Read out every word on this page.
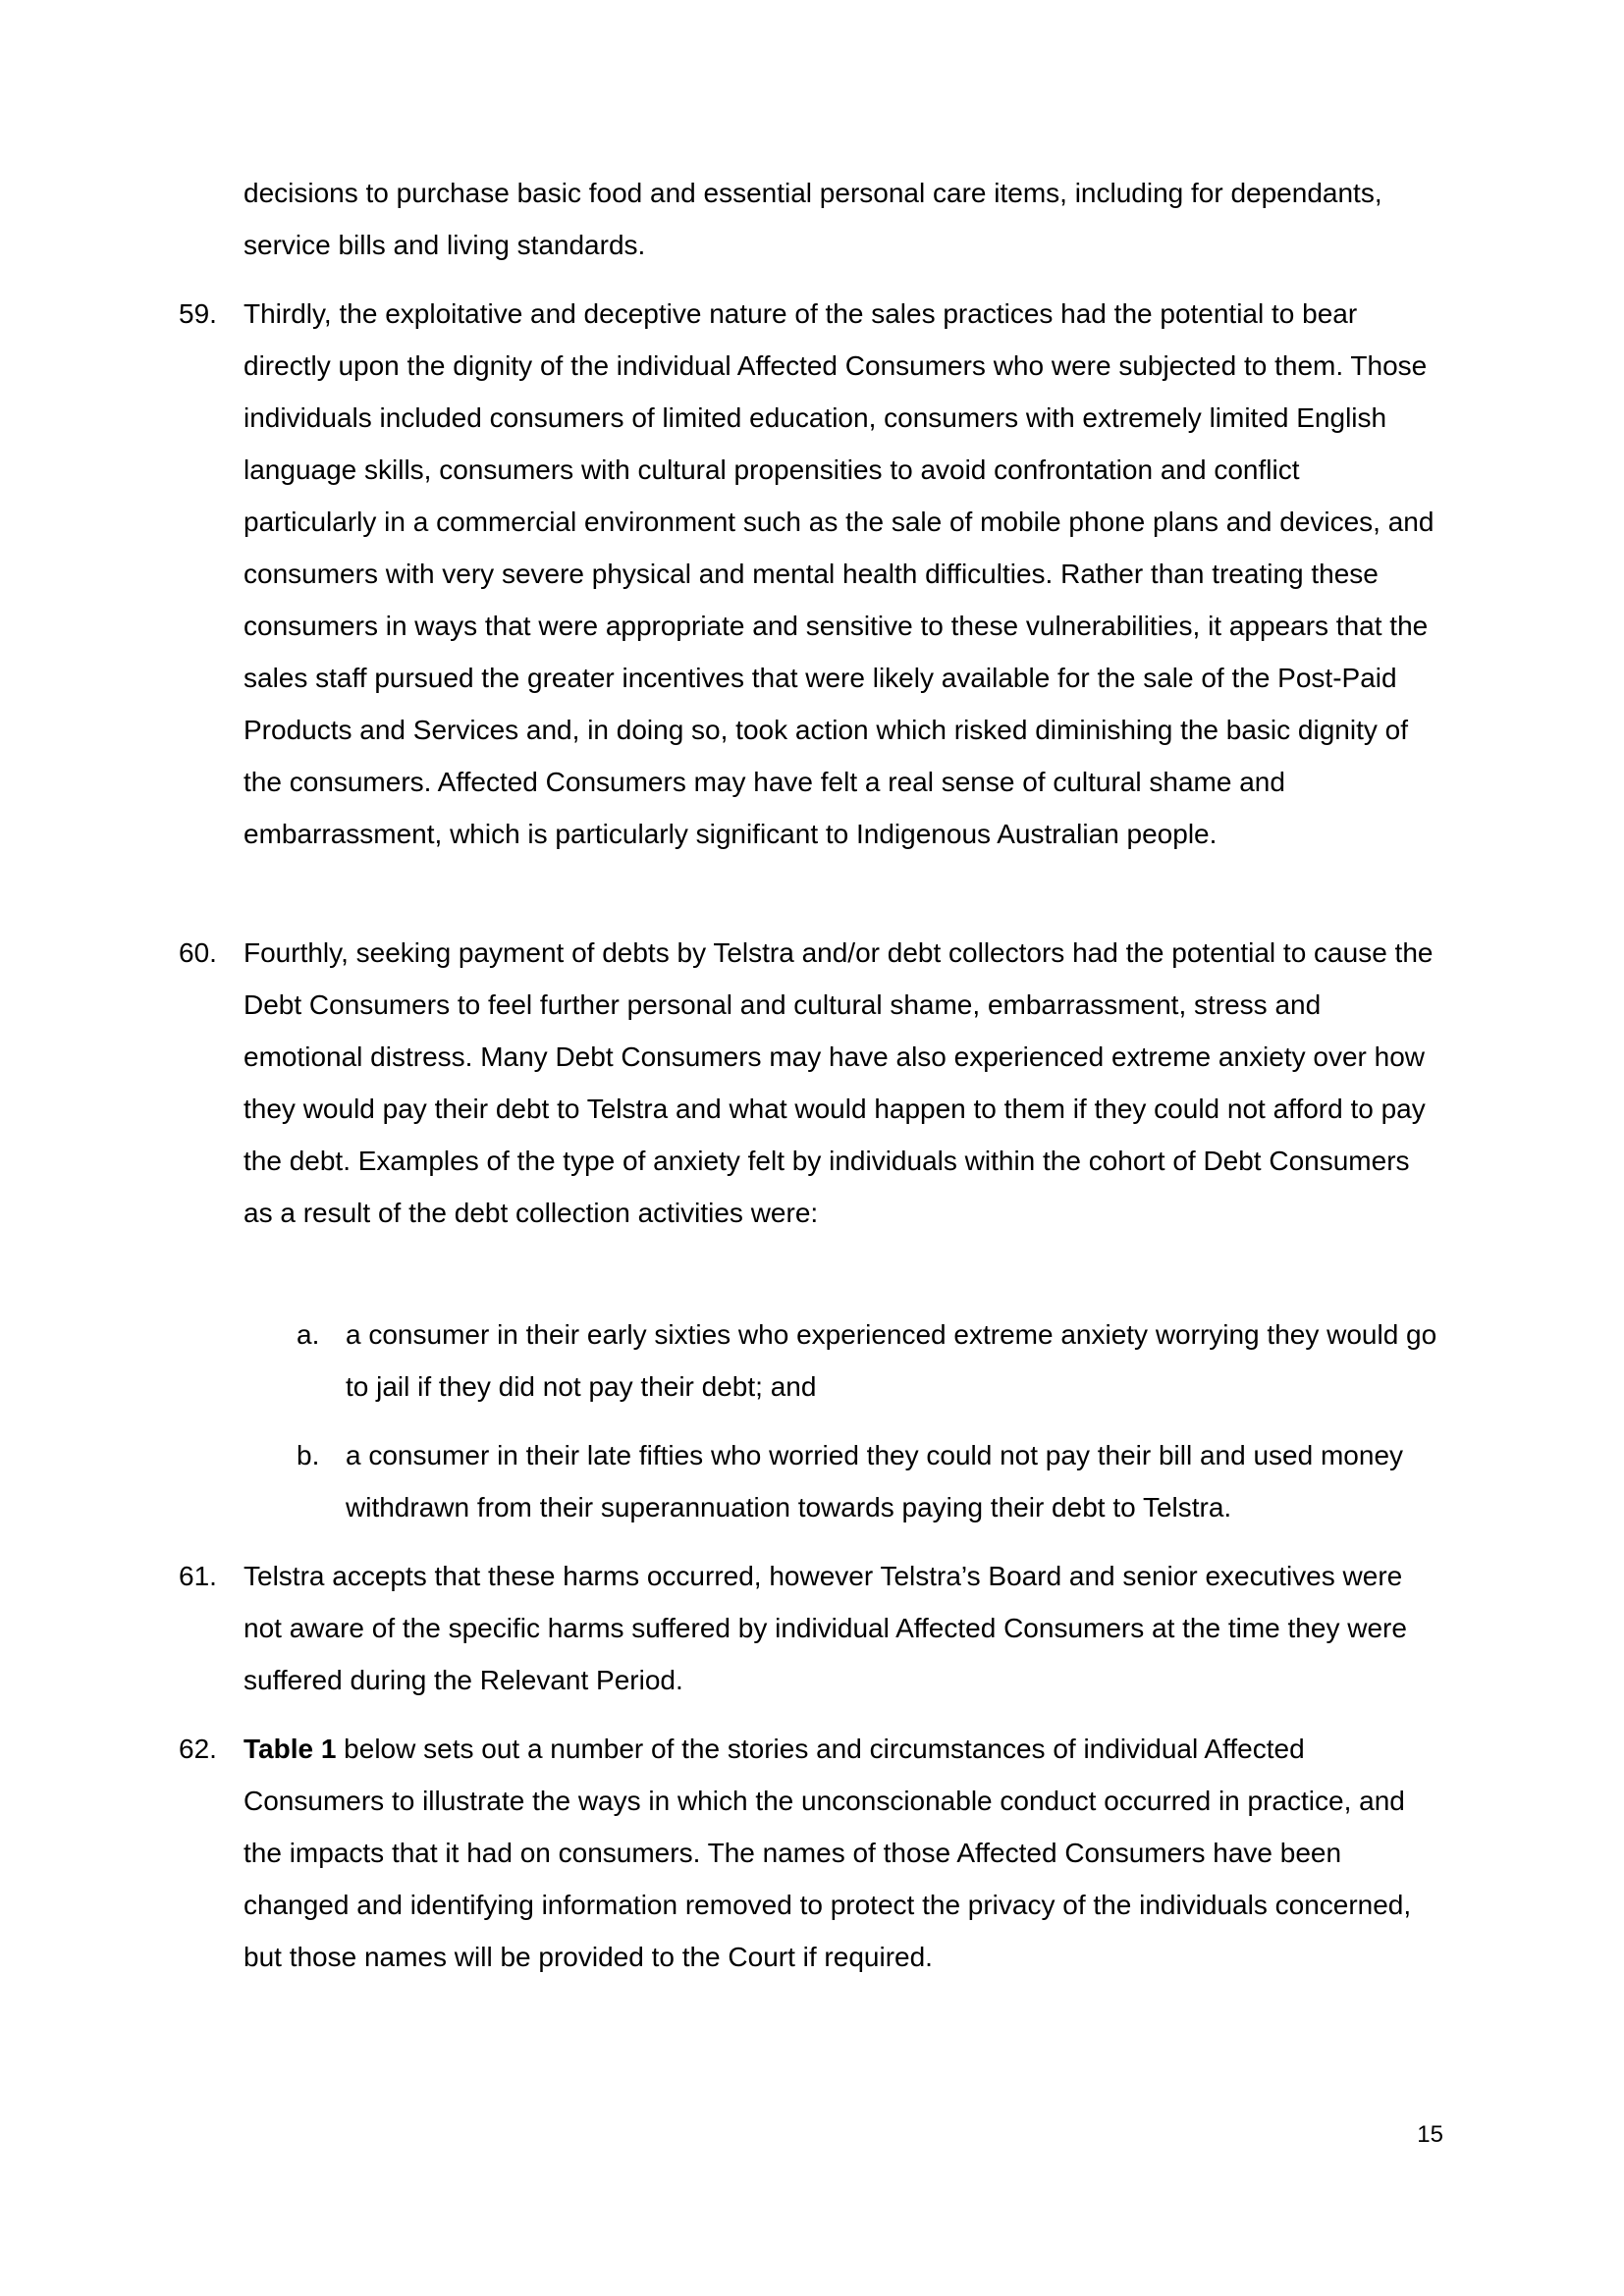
decisions to purchase basic food and essential personal care items, including for dependants, service bills and living standards.
59. Thirdly, the exploitative and deceptive nature of the sales practices had the potential to bear directly upon the dignity of the individual Affected Consumers who were subjected to them. Those individuals included consumers of limited education, consumers with extremely limited English language skills, consumers with cultural propensities to avoid confrontation and conflict particularly in a commercial environment such as the sale of mobile phone plans and devices, and consumers with very severe physical and mental health difficulties. Rather than treating these consumers in ways that were appropriate and sensitive to these vulnerabilities, it appears that the sales staff pursued the greater incentives that were likely available for the sale of the Post-Paid Products and Services and, in doing so, took action which risked diminishing the basic dignity of the consumers. Affected Consumers may have felt a real sense of cultural shame and embarrassment, which is particularly significant to Indigenous Australian people.
60. Fourthly, seeking payment of debts by Telstra and/or debt collectors had the potential to cause the Debt Consumers to feel further personal and cultural shame, embarrassment, stress and emotional distress. Many Debt Consumers may have also experienced extreme anxiety over how they would pay their debt to Telstra and what would happen to them if they could not afford to pay the debt. Examples of the type of anxiety felt by individuals within the cohort of Debt Consumers as a result of the debt collection activities were:
a. a consumer in their early sixties who experienced extreme anxiety worrying they would go to jail if they did not pay their debt; and
b. a consumer in their late fifties who worried they could not pay their bill and used money withdrawn from their superannuation towards paying their debt to Telstra.
61. Telstra accepts that these harms occurred, however Telstra’s Board and senior executives were not aware of the specific harms suffered by individual Affected Consumers at the time they were suffered during the Relevant Period.
62. Table 1 below sets out a number of the stories and circumstances of individual Affected Consumers to illustrate the ways in which the unconscionable conduct occurred in practice, and the impacts that it had on consumers. The names of those Affected Consumers have been changed and identifying information removed to protect the privacy of the individuals concerned, but those names will be provided to the Court if required.
15
